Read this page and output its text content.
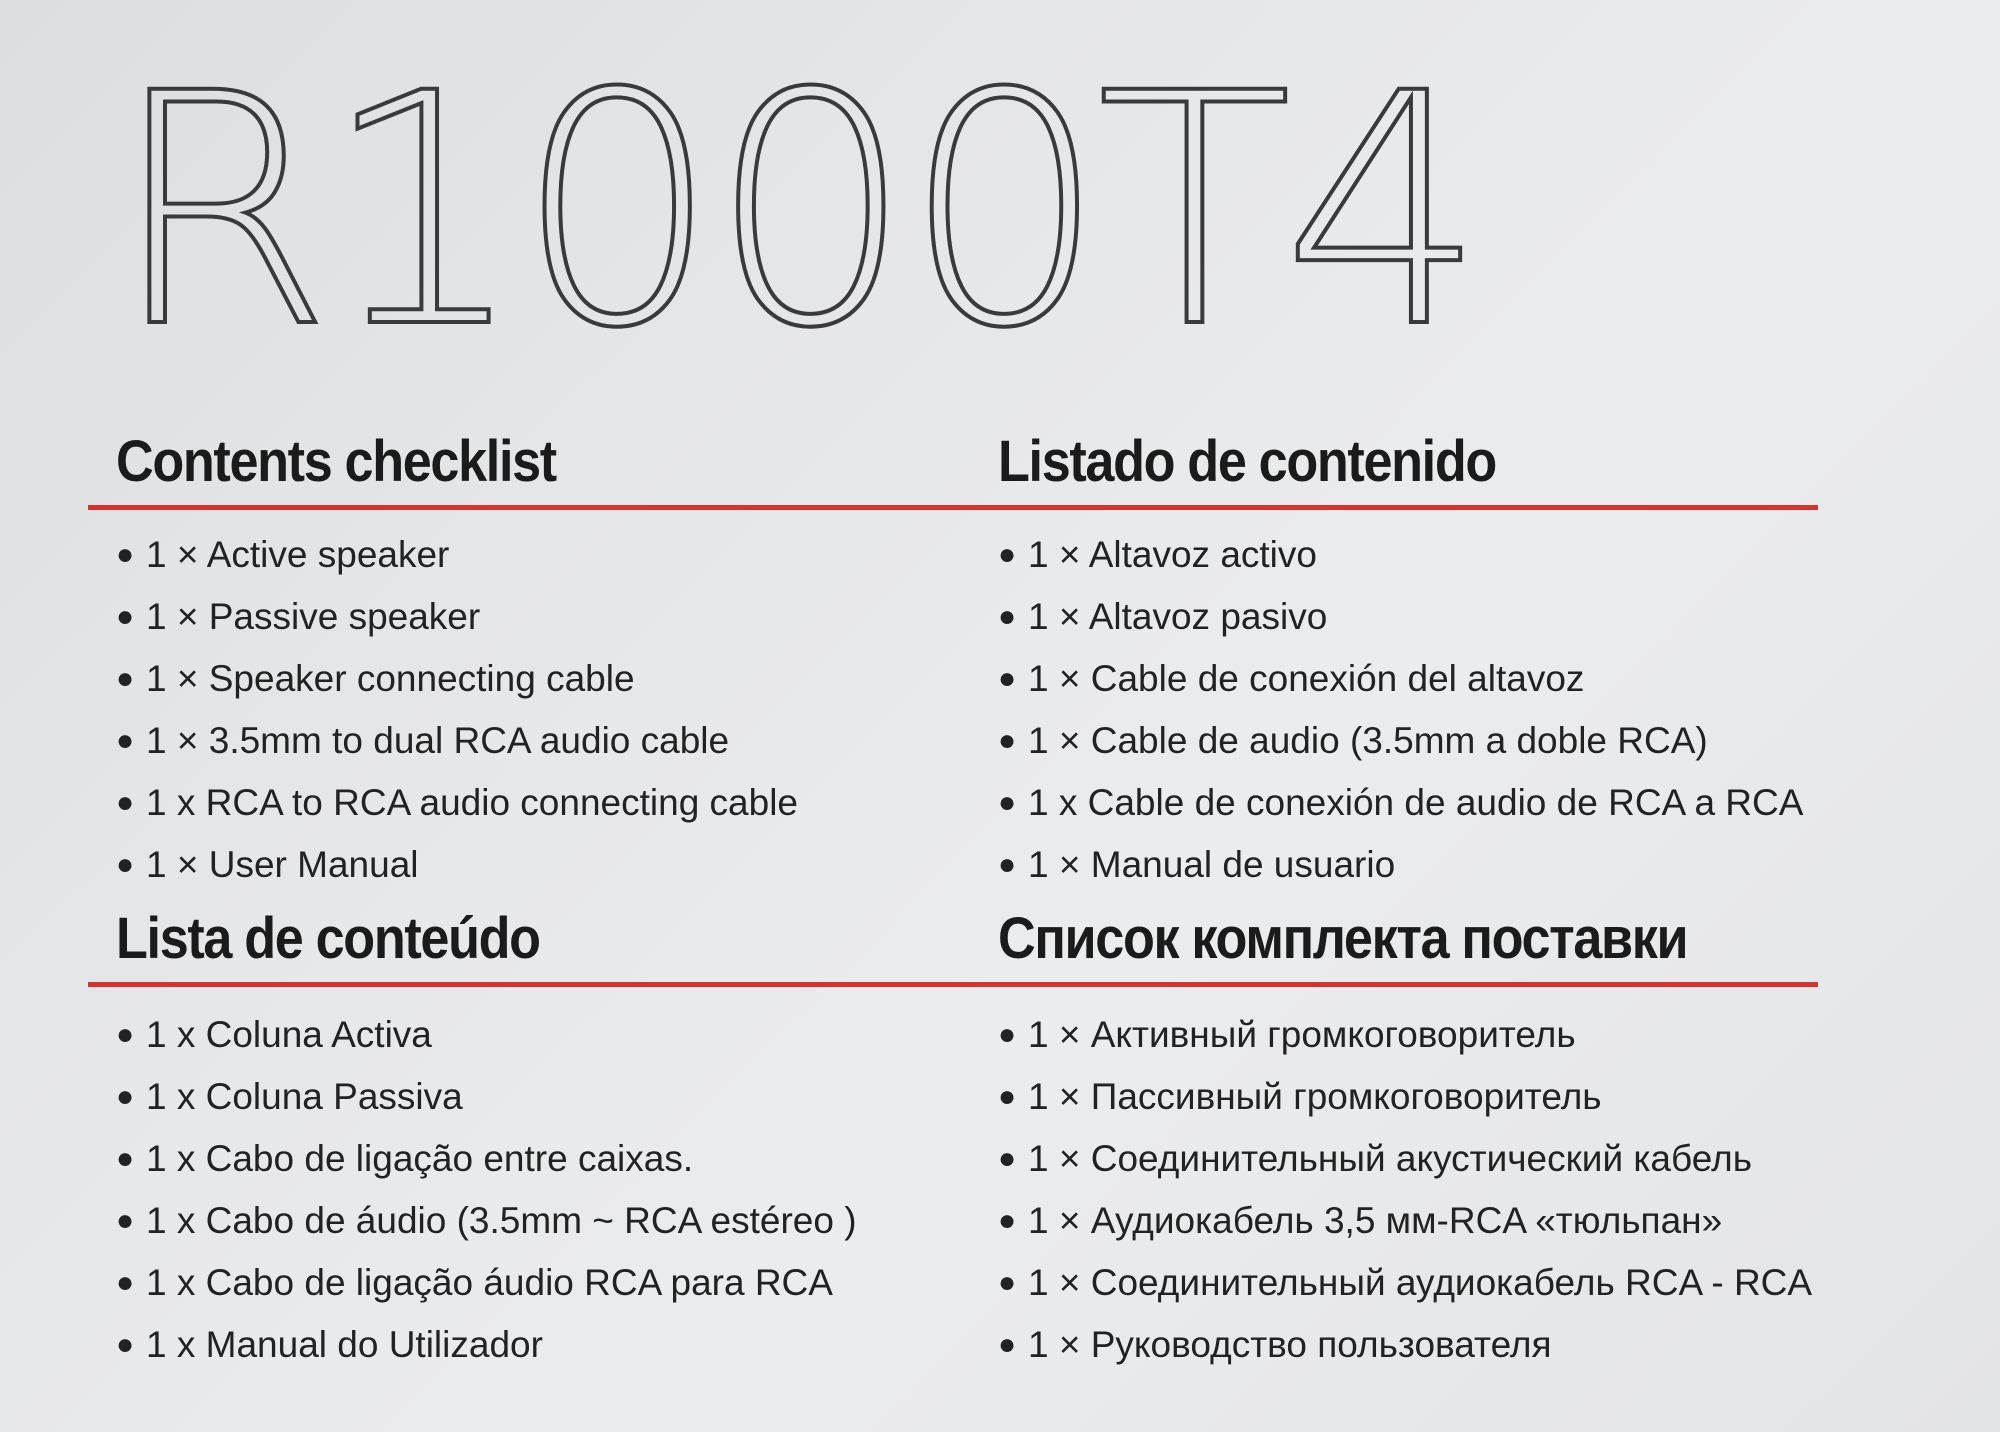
R1000T4
Contents checklist
● 1 × Active speaker
● 1 × Passive speaker
● 1 × Speaker connecting cable
● 1 × 3.5mm to dual RCA audio cable
● 1 x RCA to RCA audio connecting cable
● 1 × User Manual
Listado de contenido
● 1 × Altavoz activo
● 1 × Altavoz pasivo
● 1 × Cable de conexión del altavoz
● 1 × Cable de audio (3.5mm a doble RCA)
● 1 x Cable de conexión de audio de RCA a RCA
● 1 × Manual de usuario
Lista de conteúdo
● 1 x Coluna Activa
● 1 x Coluna Passiva
● 1 x Cabo de ligação entre caixas.
● 1 x Cabo de áudio (3.5mm ~ RCA estéreo )
● 1 x Cabo de ligação áudio RCA para RCA
● 1 x Manual do Utilizador
Список комплекта поставки
● 1 × Активный громкоговоритель
● 1 × Пассивный громкоговоритель
● 1 × Соединительный акустический кабель
● 1 × Аудиокабель 3,5 мм-RCA «тюльпан»
● 1 × Соединительный аудиокабель RCA - RCA
● 1 × Руководство пользователя
